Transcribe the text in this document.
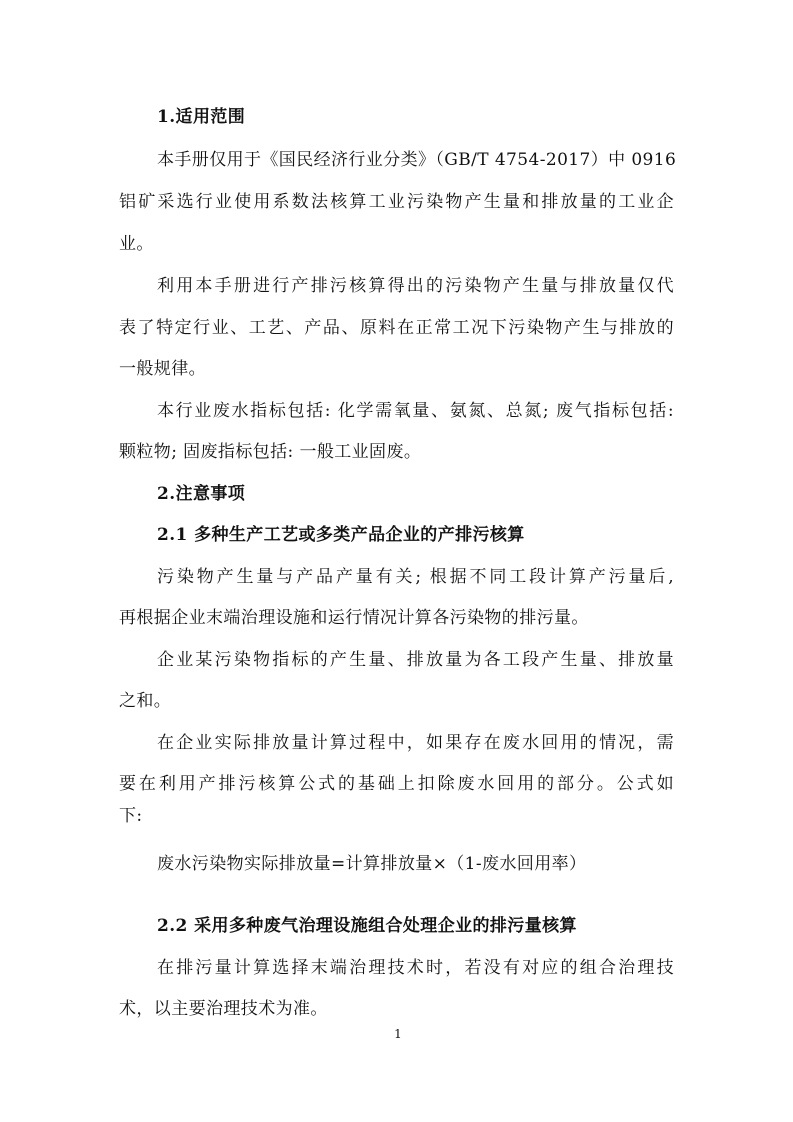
1.适用范围
本手册仅用于《国民经济行业分类》（GB/T 4754-2017）中 0916
铝矿采选行业使用系数法核算工业污染物产生量和排放量的工业企
业。
利用本手册进行产排污核算得出的污染物产生量与排放量仅代
表了特定行业、工艺、产品、原料在正常工况下污染物产生与排放的
一般规律。
本行业废水指标包括: 化学需氧量、氨氮、总氮; 废气指标包括:
颗粒物; 固废指标包括: 一般工业固废。
2.注意事项
2.1 多种生产工艺或多类产品企业的产排污核算
污染物产生量与产品产量有关; 根据不同工段计算产污量后,
再根据企业末端治理设施和运行情况计算各污染物的排污量。
企业某污染物指标的产生量、排放量为各工段产生量、排放量
之和。
在企业实际排放量计算过程中，如果存在废水回用的情况，需
要在利用产排污核算公式的基础上扣除废水回用的部分。公式如
下:
废水污染物实际排放量=计算排放量×（1-废水回用率）
2.2 采用多种废气治理设施组合处理企业的排污量核算
在排污量计算选择末端治理技术时，若没有对应的组合治理技
术，以主要治理技术为准。
1
